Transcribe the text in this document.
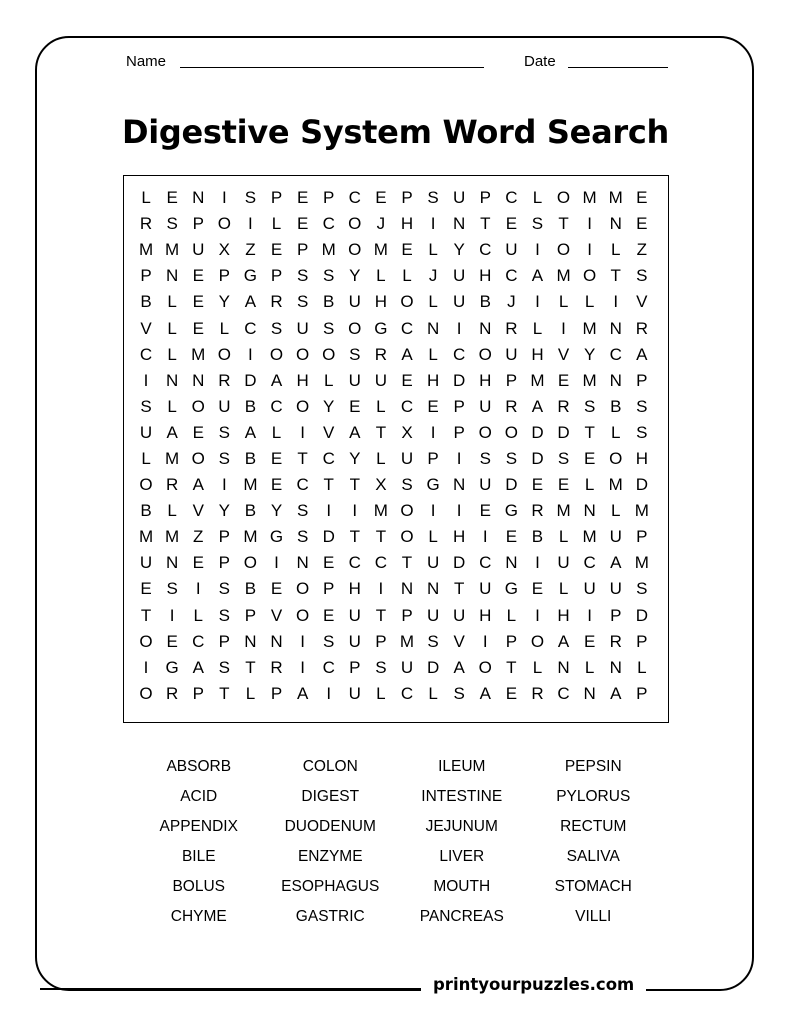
Name	Date
Digestive System Word Search
L E N	I	S P E P C E P S U P C L O M M E
R S P O	I	L E C O J H	I	N T E S T	I	N E
M M U X Z E P M O M E L Y C U	I	O	I	L Z
P N E P G P S S Y L L	J U H C A M O T S
B L E Y A R S B U H O L U B J	I	L L	I	V
V L E L C S U S O G C N	I	N R L	I M N R
C L M O	I	O O O S R A L C O U H V Y C A
I	N N R D A H L U U E H D H P M E M N P
S L O U B C O Y E L C E P U R A R S B S
U A E S A L	I	V A T X	I	P O O D D T L S
L M O S B E T C Y L U P	I	S S D S E O H
O R A	I M E C T T X S G N U D E E L M D
B L V Y B Y S	I	I M O	I	I	E G R M N L M
M M Z P M G S D T T O L H	I	E B L M U P
U N E P O	I	N E C C T U D C N	I	U C A M
E S	I	S B E O P H	I	N N T U G E L U U S
T	I	L S P V O E U T P U U H L	I	H	I	P D
O E C P N N	I	S U P M S V	I	P O A E R P
I	G A S T R	I	C P S U D A O T L N L N L
O R P T L P A	I	U L C L S A E R C N A P
ABSORB	COLON	ILEUM	PEPSIN
ACID	DIGEST	INTESTINE	PYLORUS
APPENDIX	DUODENUM	JEJUNUM	RECTUM
BILE	ENZYME	LIVER	SALIVA
BOLUS	ESOPHAGUS	MOUTH	STOMACH
CHYME	GASTRIC	PANCREAS	VILLI
printyourpuzzles.com
